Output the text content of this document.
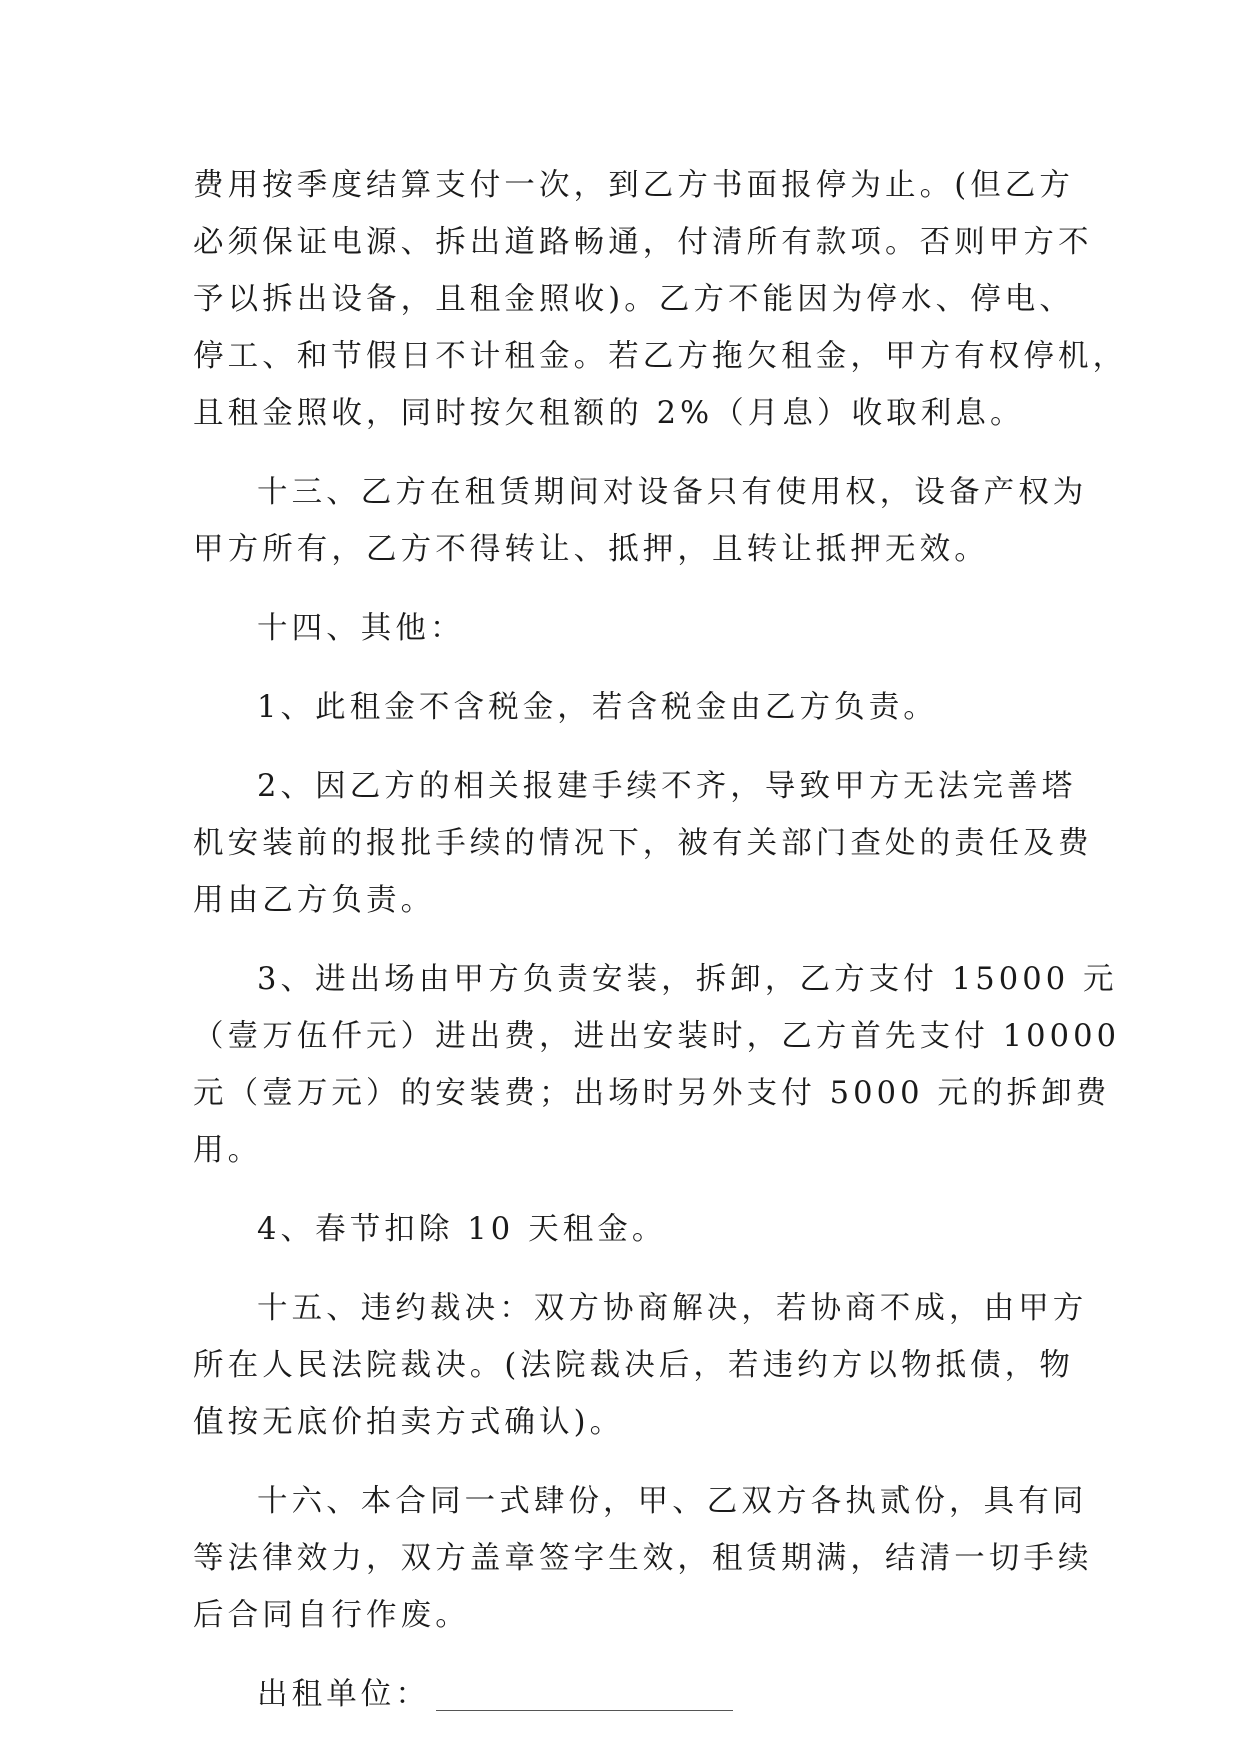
费用按季度结算支付一次，到乙方书面报停为止。(但乙方
必须保证电源、拆出道路畅通，付清所有款项。否则甲方不
予以拆出设备，且租金照收)。乙方不能因为停水、停电、
停工、和节假日不计租金。若乙方拖欠租金，甲方有权停机，
且租金照收，同时按欠租额的 2%（月息）收取利息。
十三、乙方在租赁期间对设备只有使用权，设备产权为
甲方所有，乙方不得转让、抵押，且转让抵押无效。
十四、其他：
1、此租金不含税金，若含税金由乙方负责。
2、因乙方的相关报建手续不齐，导致甲方无法完善塔
机安装前的报批手续的情况下，被有关部门查处的责任及费
用由乙方负责。
3、进出场由甲方负责安装，拆卸，乙方支付 15000 元
（壹万伍仟元）进出费，进出安装时，乙方首先支付 10000
元（壹万元）的安装费；出场时另外支付 5000 元的拆卸费
用。
4、春节扣除 10 天租金。
十五、违约裁决：双方协商解决，若协商不成，由甲方
所在人民法院裁决。(法院裁决后，若违约方以物抵债，物
值按无底价拍卖方式确认)。
十六、本合同一式肆份，甲、乙双方各执贰份，具有同
等法律效力，双方盖章签字生效，租赁期满，结清一切手续
后合同自行作废。
出租单位：
